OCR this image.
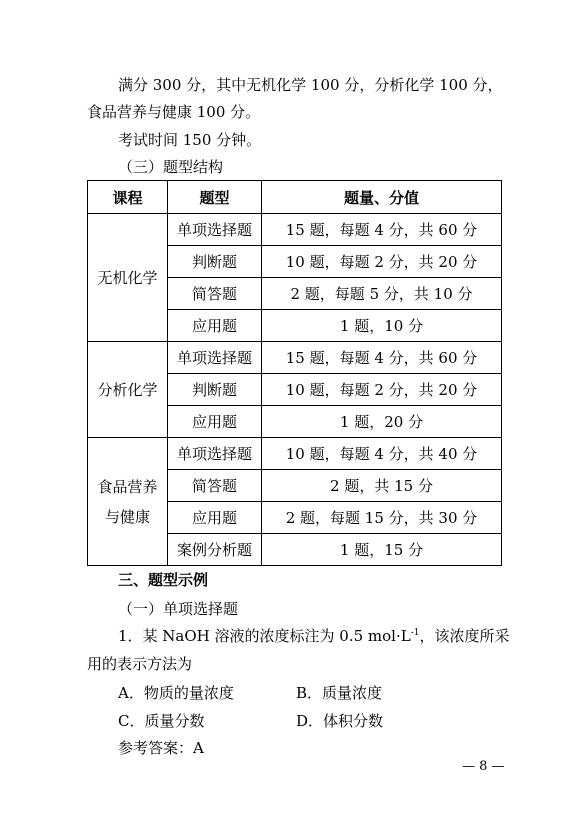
满分 300 分，其中无机化学 100 分，分析化学 100 分，
食品营养与健康 100 分。
考试时间 150 分钟。
（三）题型结构
课程	题型	题量、分值
无机化学	单项选择题	15 题，每题 4 分，共 60 分
	判断题	10 题，每题 2 分，共 20 分
	简答题	2 题，每题 5 分，共 10 分
	应用题	1 题，10 分
分析化学	单项选择题	15 题，每题 4 分，共 60 分
	判断题	10 题，每题 2 分，共 20 分
	应用题	1 题，20 分

食品营养
与健康	单项选择题	10 题，每题 4 分，共 40 分
	简答题	2 题，共 15 分
	应用题	2 题，每题 15 分，共 30 分
	案例分析题	1 题，15 分
三、题型示例
（一）单项选择题
1．某 NaOH 溶液的浓度标注为 0.5 $mol\cdot L^{-1}$，该浓度所采
用的表示方法为
A．物质的量浓度	B．质量浓度
C．质量分数	D．体积分数
参考答案：A
— 8 —
